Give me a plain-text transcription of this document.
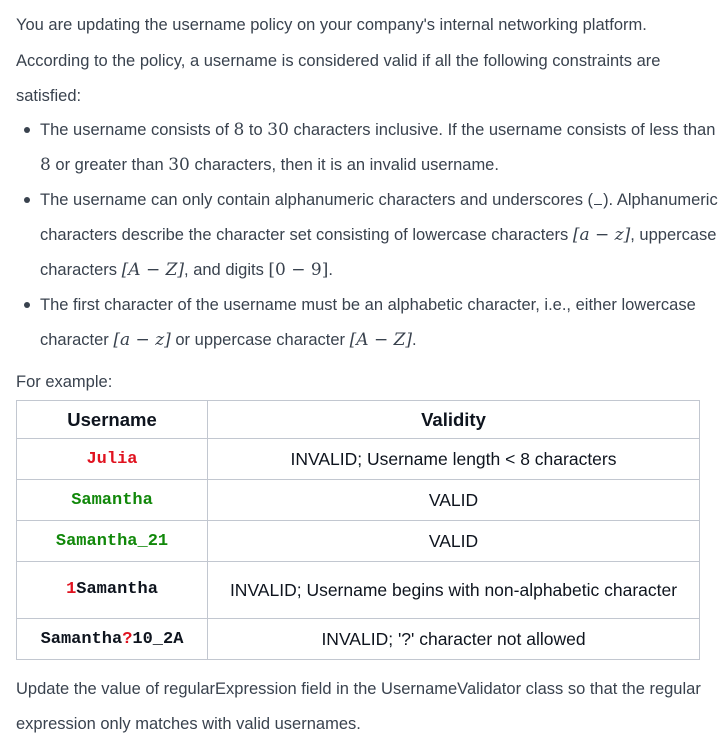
You are updating the username policy on your company's internal networking platform. According to the policy, a username is considered valid if all the following constraints are satisfied:

The username consists of 8 to 30 characters inclusive. If the username consists of less than 8 or greater than 30 characters, then it is an invalid username.
The username can only contain alphanumeric characters and underscores ( ). Alphanumeric characters describe the character set consisting of lowercase characters [a − z], uppercase characters [A − Z], and digits [0 − 9].
The first character of the username must be an alphabetic character, i.e., either lowercase character [a − z] or uppercase character [A − Z].

For example:

Username	Validity
Julia	INVALID; Username length < 8 characters
Samantha	VALID
Samantha_21	VALID
1Samantha	INVALID; Username begins with non-alphabetic character
Samantha?10_2A	INVALID; '?' character not allowed

Update the value of regularExpression field in the UsernameValidator class so that the regular expression only matches with valid usernames.
